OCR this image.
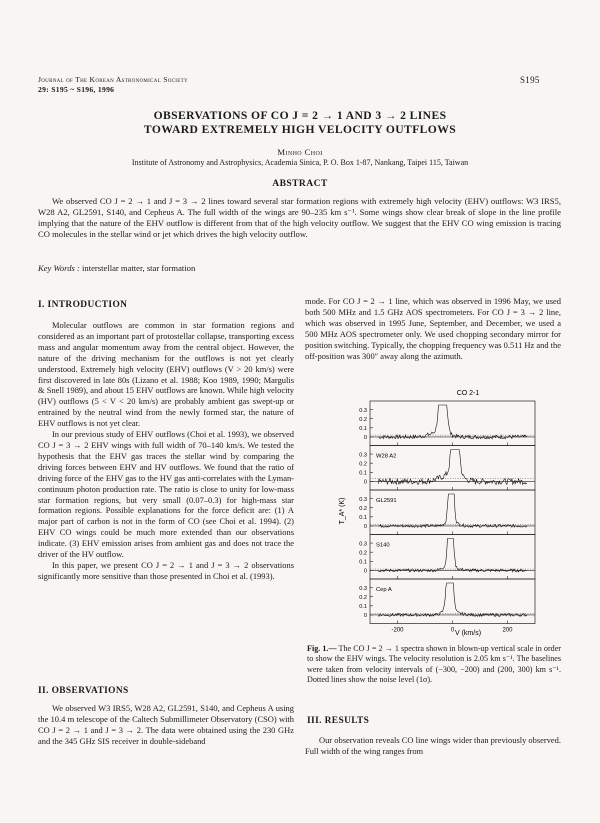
Journal of The Korean Astronomical Society
29: S195 ~ S196, 1996
S195
OBSERVATIONS OF CO J = 2 → 1 AND 3 → 2 LINES
TOWARD EXTREMELY HIGH VELOCITY OUTFLOWS
Minho Choi
Institute of Astronomy and Astrophysics, Academia Sinica, P. O. Box 1-87, Nankang, Taipei 115, Taiwan
ABSTRACT
We observed CO J = 2 → 1 and J = 3 → 2 lines toward several star formation regions with extremely high velocity (EHV) outflows: W3 IRS5, W28 A2, GL2591, S140, and Cepheus A. The full width of the wings are 90–235 km s⁻¹. Some wings show clear break of slope in the line profile implying that the nature of the EHV outflow is different from that of the high velocity outflow. We suggest that the EHV CO wing emission is tracing CO molecules in the stellar wind or jet which drives the high velocity outflow.
Key Words : interstellar matter, star formation
I. INTRODUCTION

Molecular outflows are common in star formation regions and considered as an important part of protostellar collapse, transporting excess mass and angular momentum away from the central object. However, the nature of the driving mechanism for the outflows is not yet clearly understood. Extremely high velocity (EHV) outflows (V > 20 km/s) were first discovered in late 80s (Lizano et al. 1988; Koo 1989, 1990; Margulis & Snell 1989), and about 15 EHV outflows are known. While high velocity (HV) outflows (5 < V < 20 km/s) are probably ambient gas swept-up or entrained by the neutral wind from the newly formed star, the nature of EHV outflows is not yet clear.

In our previous study of EHV outflows (Choi et al. 1993), we observed CO J = 3 → 2 EHV wings with full width of 70–140 km/s. We tested the hypothesis that the EHV gas traces the stellar wind by comparing the driving forces between EHV and HV outflows. We found that the ratio of driving force of the EHV gas to the HV gas anti-correlates with the Lyman-continuum photon production rate. The ratio is close to unity for low-mass star formation regions, but very small (0.07–0.3) for high-mass star formation regions. Possible explanations for the force deficit are: (1) A major part of carbon is not in the form of CO (see Choi et al. 1994). (2) EHV CO wings could be much more extended than our observations indicate. (3) EHV emission arises from ambient gas and does not trace the driver of the HV outflow.

In this paper, we present CO J = 2 → 1 and J = 3 → 2 observations significantly more sensitive than those presented in Choi et al. (1993).

II. OBSERVATIONS

We observed W3 IRS5, W28 A2, GL2591, S140, and Cepheus A using the 10.4 m telescope of the Caltech Submillimeter Observatory (CSO) with CO J = 2 → 1 and J = 3 → 2. The data were obtained using the 230 GHz and the 345 GHz SIS receiver in double-sideband

mode. For CO J = 2 → 1 line, which was observed in 1996 May, we used both 500 MHz and 1.5 GHz AOS spectrometers. For CO J = 3 → 2 line, which was observed in 1995 June, September, and December, we used a 500 MHz AOS spectrometer only. We used chopping secondary mirror for position switching. Typically, the chopping frequency was 0.511 Hz and the off-position was 300″ away along the azimuth.

CO 2-1
0
0.1
0.2
0.3
0
0.1
0.2
0.3 W28 A2
0
0.1
0.2
0.3 GL2591
0
0.1
0.2
0.3 S140
0
0.1
0.2
0.3 Cep A
-200	0	200
T_A* (K)
V (km/s)
Fig. 1.— The CO J = 2 → 1 spectra shown in blown-up vertical scale in order to show the EHV wings. The velocity resolution is 2.05 km s⁻¹. The baselines were taken from velocity intervals of (−300, −200) and (200, 300) km s⁻¹. Dotted lines show the noise level (1σ).
III. RESULTS

Our observation reveals CO line wings wider than previously observed. Full width of the wing ranges from
